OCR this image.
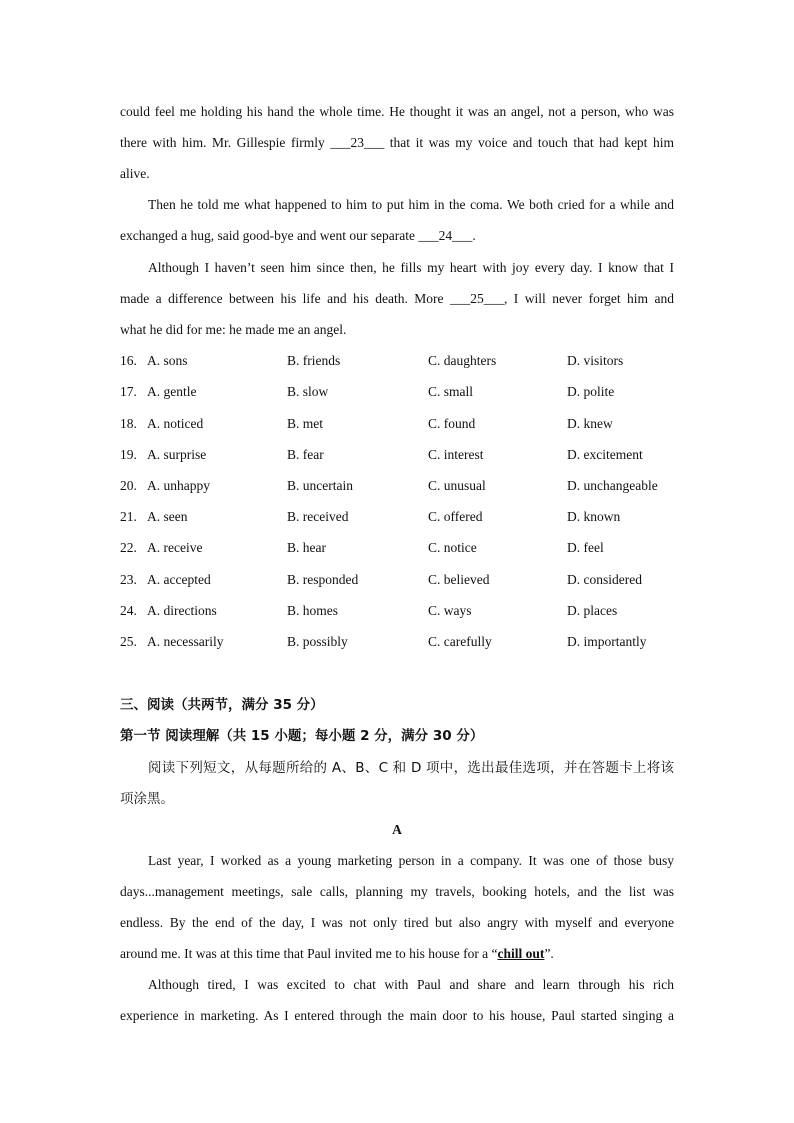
could feel me holding his hand the whole time. He thought it was an angel, not a person, who was
there with him. Mr. Gillespie firmly ___23___ that it was my voice and touch that had kept him
alive.
Then he told me what happened to him to put him in the coma. We both cried for a while and
exchanged a hug, said good-bye and went our separate ___24___.
Although I haven’t seen him since then, he fills my heart with joy every day. I know that I
made a difference between his life and his death. More ___25___, I will never forget him and
what he did for me: he made me an angel.
16. A. sons	B. friends	C. daughters	D. visitors
17. A. gentle	B. slow	C. small	D. polite
18. A. noticed	B. met	C. found	D. knew
19. A. surprise	B. fear	C. interest	D. excitement
20. A. unhappy	B. uncertain	C. unusual	D. unchangeable
21. A. seen	B. received	C. offered	D. known
22. A. receive	B. hear	C. notice	D. feel
23. A. accepted	B. responded	C. believed	D. considered
24. A. directions	B. homes	C. ways	D. places
25. A. necessarily	B. possibly	C. carefully	D. importantly
三、阅读（共两节，满分 35 分）
第一节 阅读理解（共 15 小题；每小题 2 分，满分 30 分）
阅读下列短文，从每题所给的 A、B、C 和 D 项中，选出最佳选项，并在答题卡上将该
项涂黑。
A
Last year, I worked as a young marketing person in a company. It was one of those busy
days...management meetings, sale calls, planning my travels, booking hotels, and the list was
endless. By the end of the day, I was not only tired but also angry with myself and everyone
around me. It was at this time that Paul invited me to his house for a “chill out”.
Although tired, I was excited to chat with Paul and share and learn through his rich
experience in marketing. As I entered through the main door to his house, Paul started singing a
